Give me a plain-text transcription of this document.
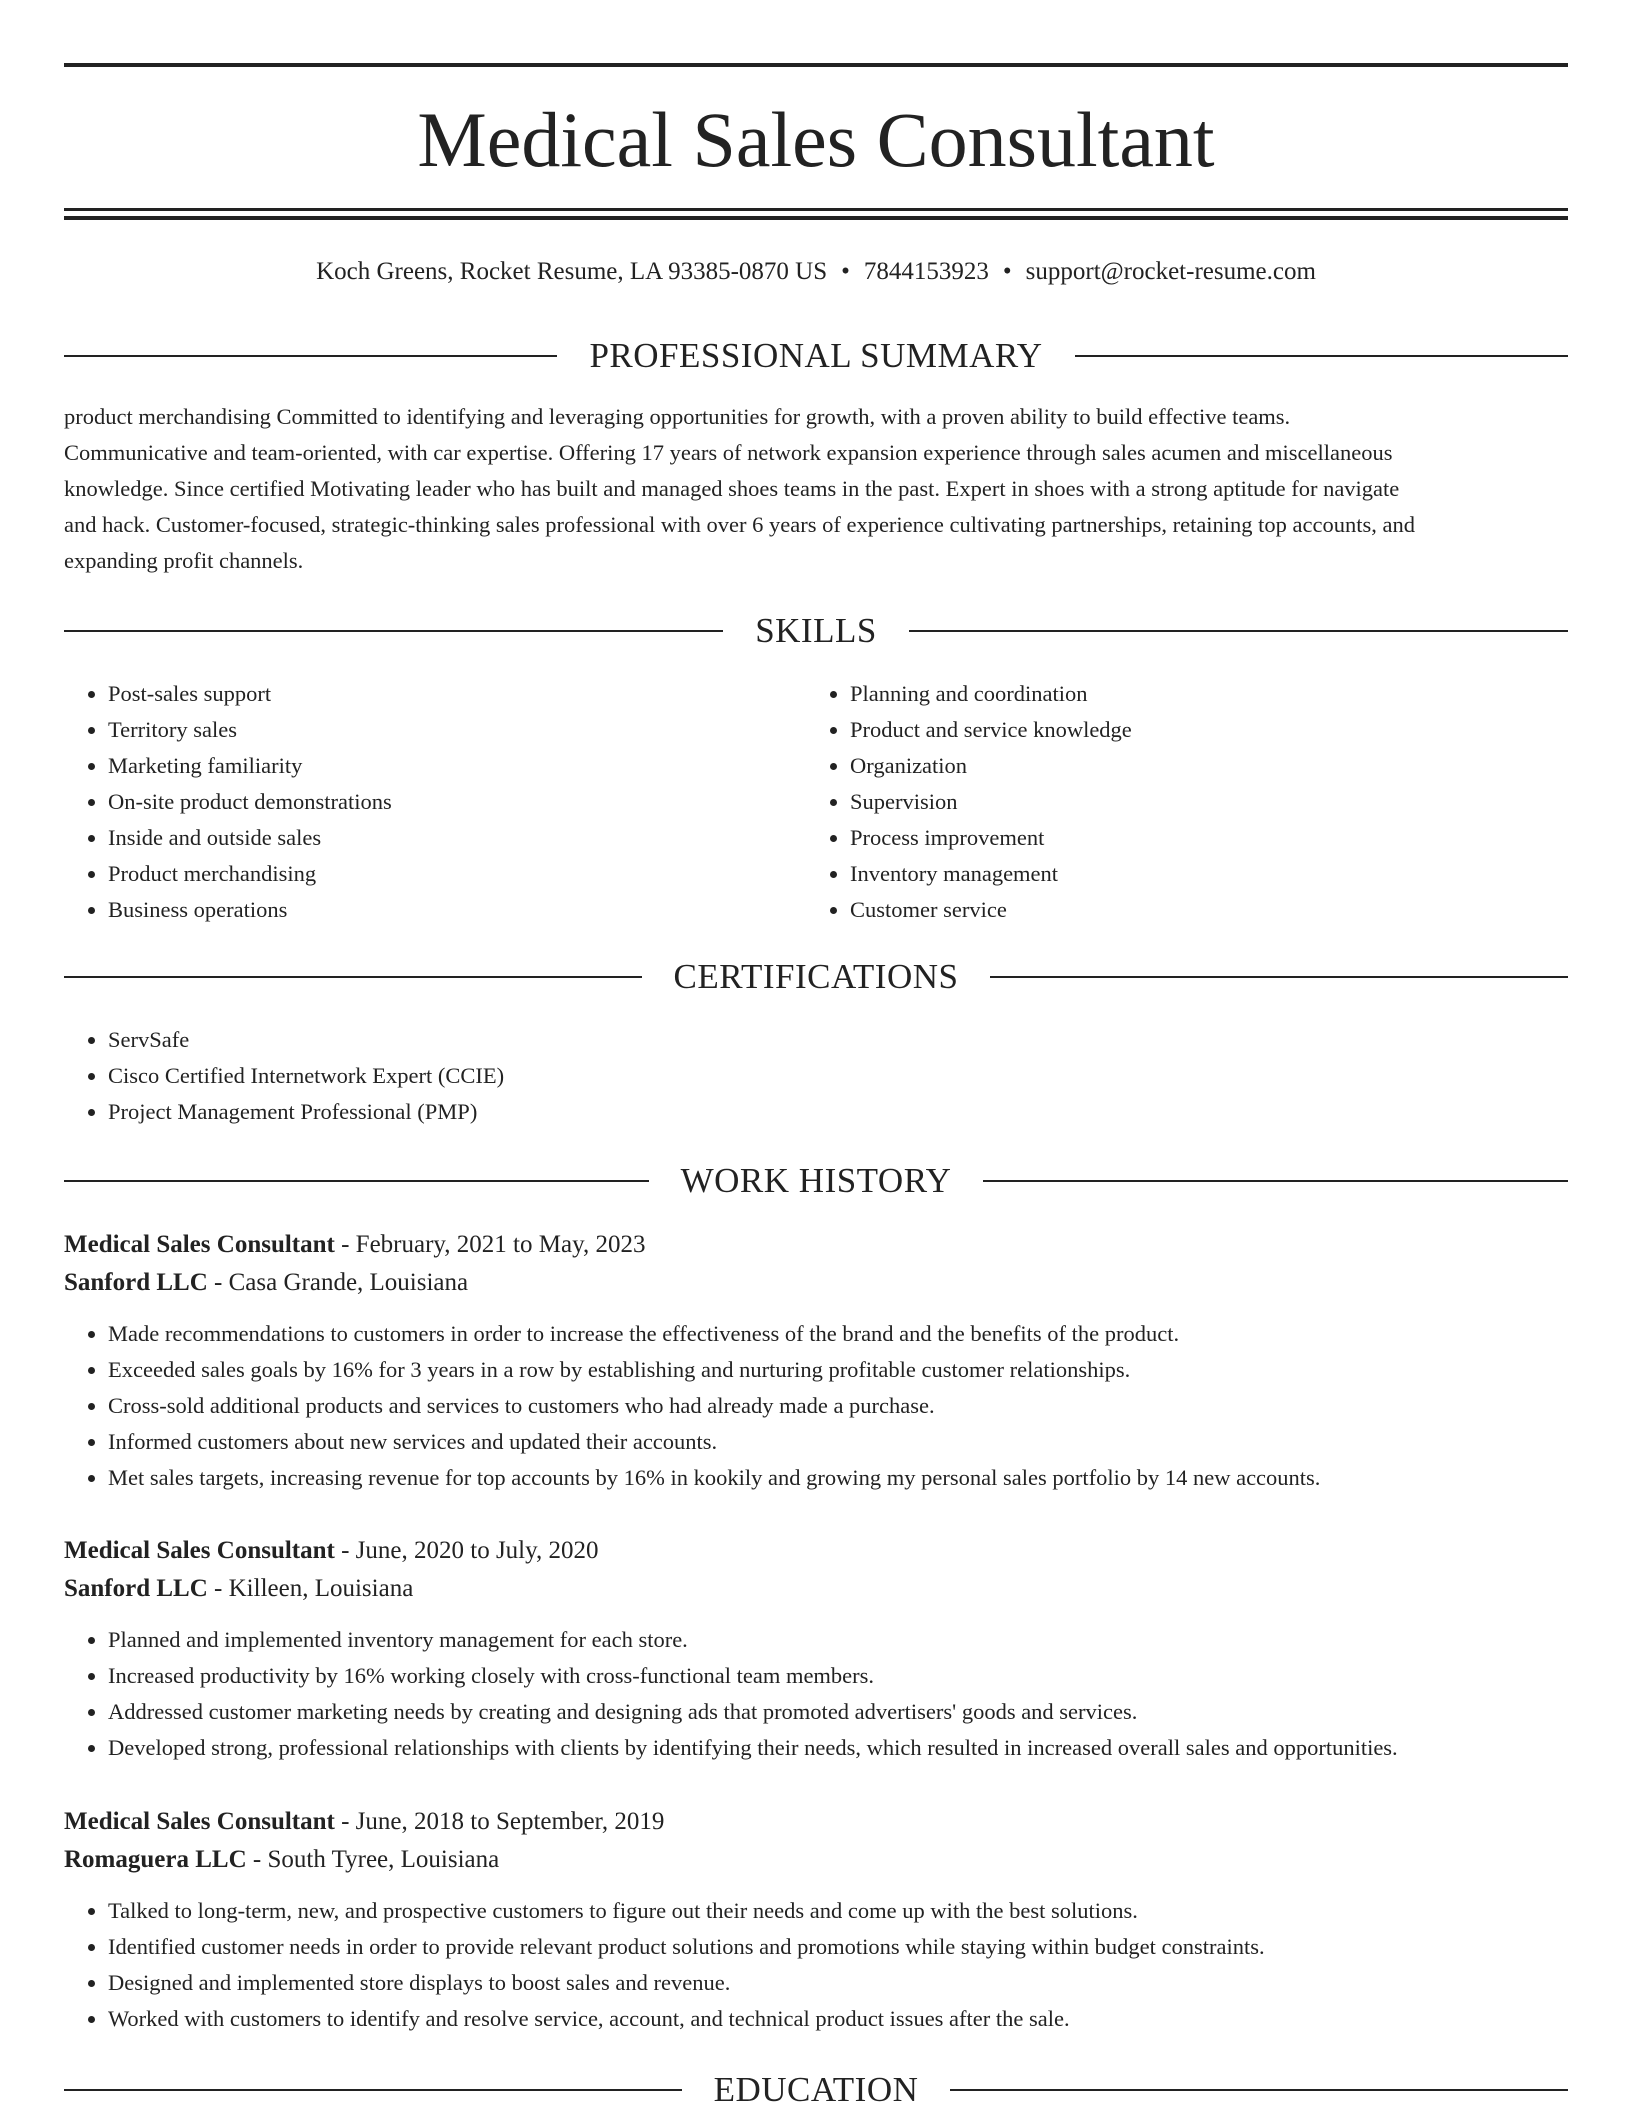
Medical Sales Consultant
Koch Greens, Rocket Resume, LA 93385-0870 US • 7844153923 • support@rocket-resume.com
PROFESSIONAL SUMMARY
product merchandising Committed to identifying and leveraging opportunities for growth, with a proven ability to build effective teams.
Communicative and team-oriented, with car expertise. Offering 17 years of network expansion experience through sales acumen and miscellaneous
knowledge. Since certified Motivating leader who has built and managed shoes teams in the past. Expert in shoes with a strong aptitude for navigate
and hack. Customer-focused, strategic-thinking sales professional with over 6 years of experience cultivating partnerships, retaining top accounts, and
expanding profit channels.
SKILLS
• Post-sales support
• Territory sales
• Marketing familiarity
• On-site product demonstrations
• Inside and outside sales
• Product merchandising
• Business operations
• Planning and coordination
• Product and service knowledge
• Organization
• Supervision
• Process improvement
• Inventory management
• Customer service
CERTIFICATIONS
• ServSafe
• Cisco Certified Internetwork Expert (CCIE)
• Project Management Professional (PMP)
WORK HISTORY

Medical Sales Consultant - February, 2021 to May, 2023

Sanford LLC - Casa Grande, Louisiana

• Made recommendations to customers in order to increase the effectiveness of the brand and the benefits of the product.
• Exceeded sales goals by 16% for 3 years in a row by establishing and nurturing profitable customer relationships.
• Cross-sold additional products and services to customers who had already made a purchase.
• Informed customers about new services and updated their accounts.
• Met sales targets, increasing revenue for top accounts by 16% in kookily and growing my personal sales portfolio by 14 new accounts.

Medical Sales Consultant - June, 2020 to July, 2020

Sanford LLC - Killeen, Louisiana

• Planned and implemented inventory management for each store.
• Increased productivity by 16% working closely with cross-functional team members.
• Addressed customer marketing needs by creating and designing ads that promoted advertisers' goods and services.
• Developed strong, professional relationships with clients by identifying their needs, which resulted in increased overall sales and opportunities.

Medical Sales Consultant - June, 2018 to September, 2019

Romaguera LLC - South Tyree, Louisiana

• Talked to long-term, new, and prospective customers to figure out their needs and come up with the best solutions.
• Identified customer needs in order to provide relevant product solutions and promotions while staying within budget constraints.
• Designed and implemented store displays to boost sales and revenue.
• Worked with customers to identify and resolve service, account, and technical product issues after the sale.
EDUCATION
